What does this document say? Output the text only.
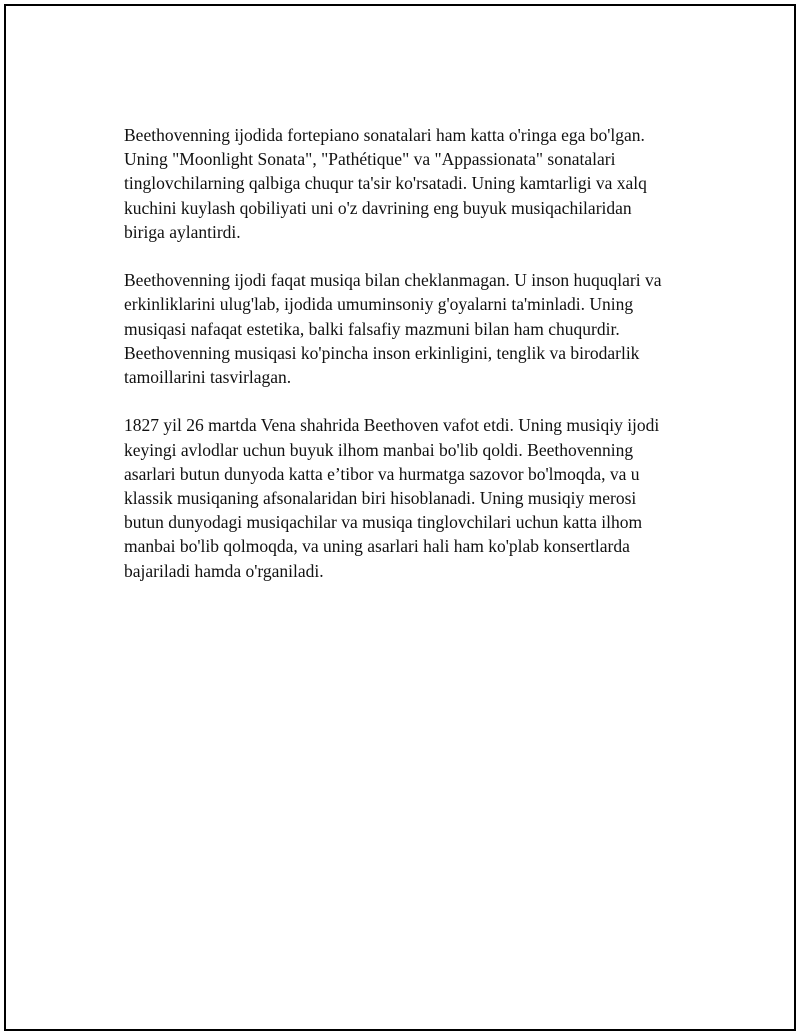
Beethovenning ijodida fortepiano sonatalari ham katta o'ringa ega bo'lgan.
Uning "Moonlight Sonata", "Pathétique" va "Appassionata" sonatalari
tinglovchilarning qalbiga chuqur ta'sir ko'rsatadi. Uning kamtarligi va xalq
kuchini kuylash qobiliyati uni o'z davrining eng buyuk musiqachilaridan
biriga aylantirdi.

Beethovenning ijodi faqat musiqa bilan cheklanmagan. U inson huquqlari va
erkinliklarini ulug'lab, ijodida umuminsoniy g'oyalarni ta'minladi. Uning
musiqasi nafaqat estetika, balki falsafiy mazmuni bilan ham chuqurdir.
Beethovenning musiqasi ko'pincha inson erkinligini, tenglik va birodarlik
tamoillarini tasvirlagan.

1827 yil 26 martda Vena shahrida Beethoven vafot etdi. Uning musiqiy ijodi
keyingi avlodlar uchun buyuk ilhom manbai bo'lib qoldi. Beethovenning
asarlari butun dunyoda katta e’tibor va hurmatga sazovor bo'lmoqda, va u
klassik musiqaning afsonalaridan biri hisoblanadi. Uning musiqiy merosi
butun dunyodagi musiqachilar va musiqa tinglovchilari uchun katta ilhom
manbai bo'lib qolmoqda, va uning asarlari hali ham ko'plab konsertlarda
bajariladi hamda o'rganiladi.
